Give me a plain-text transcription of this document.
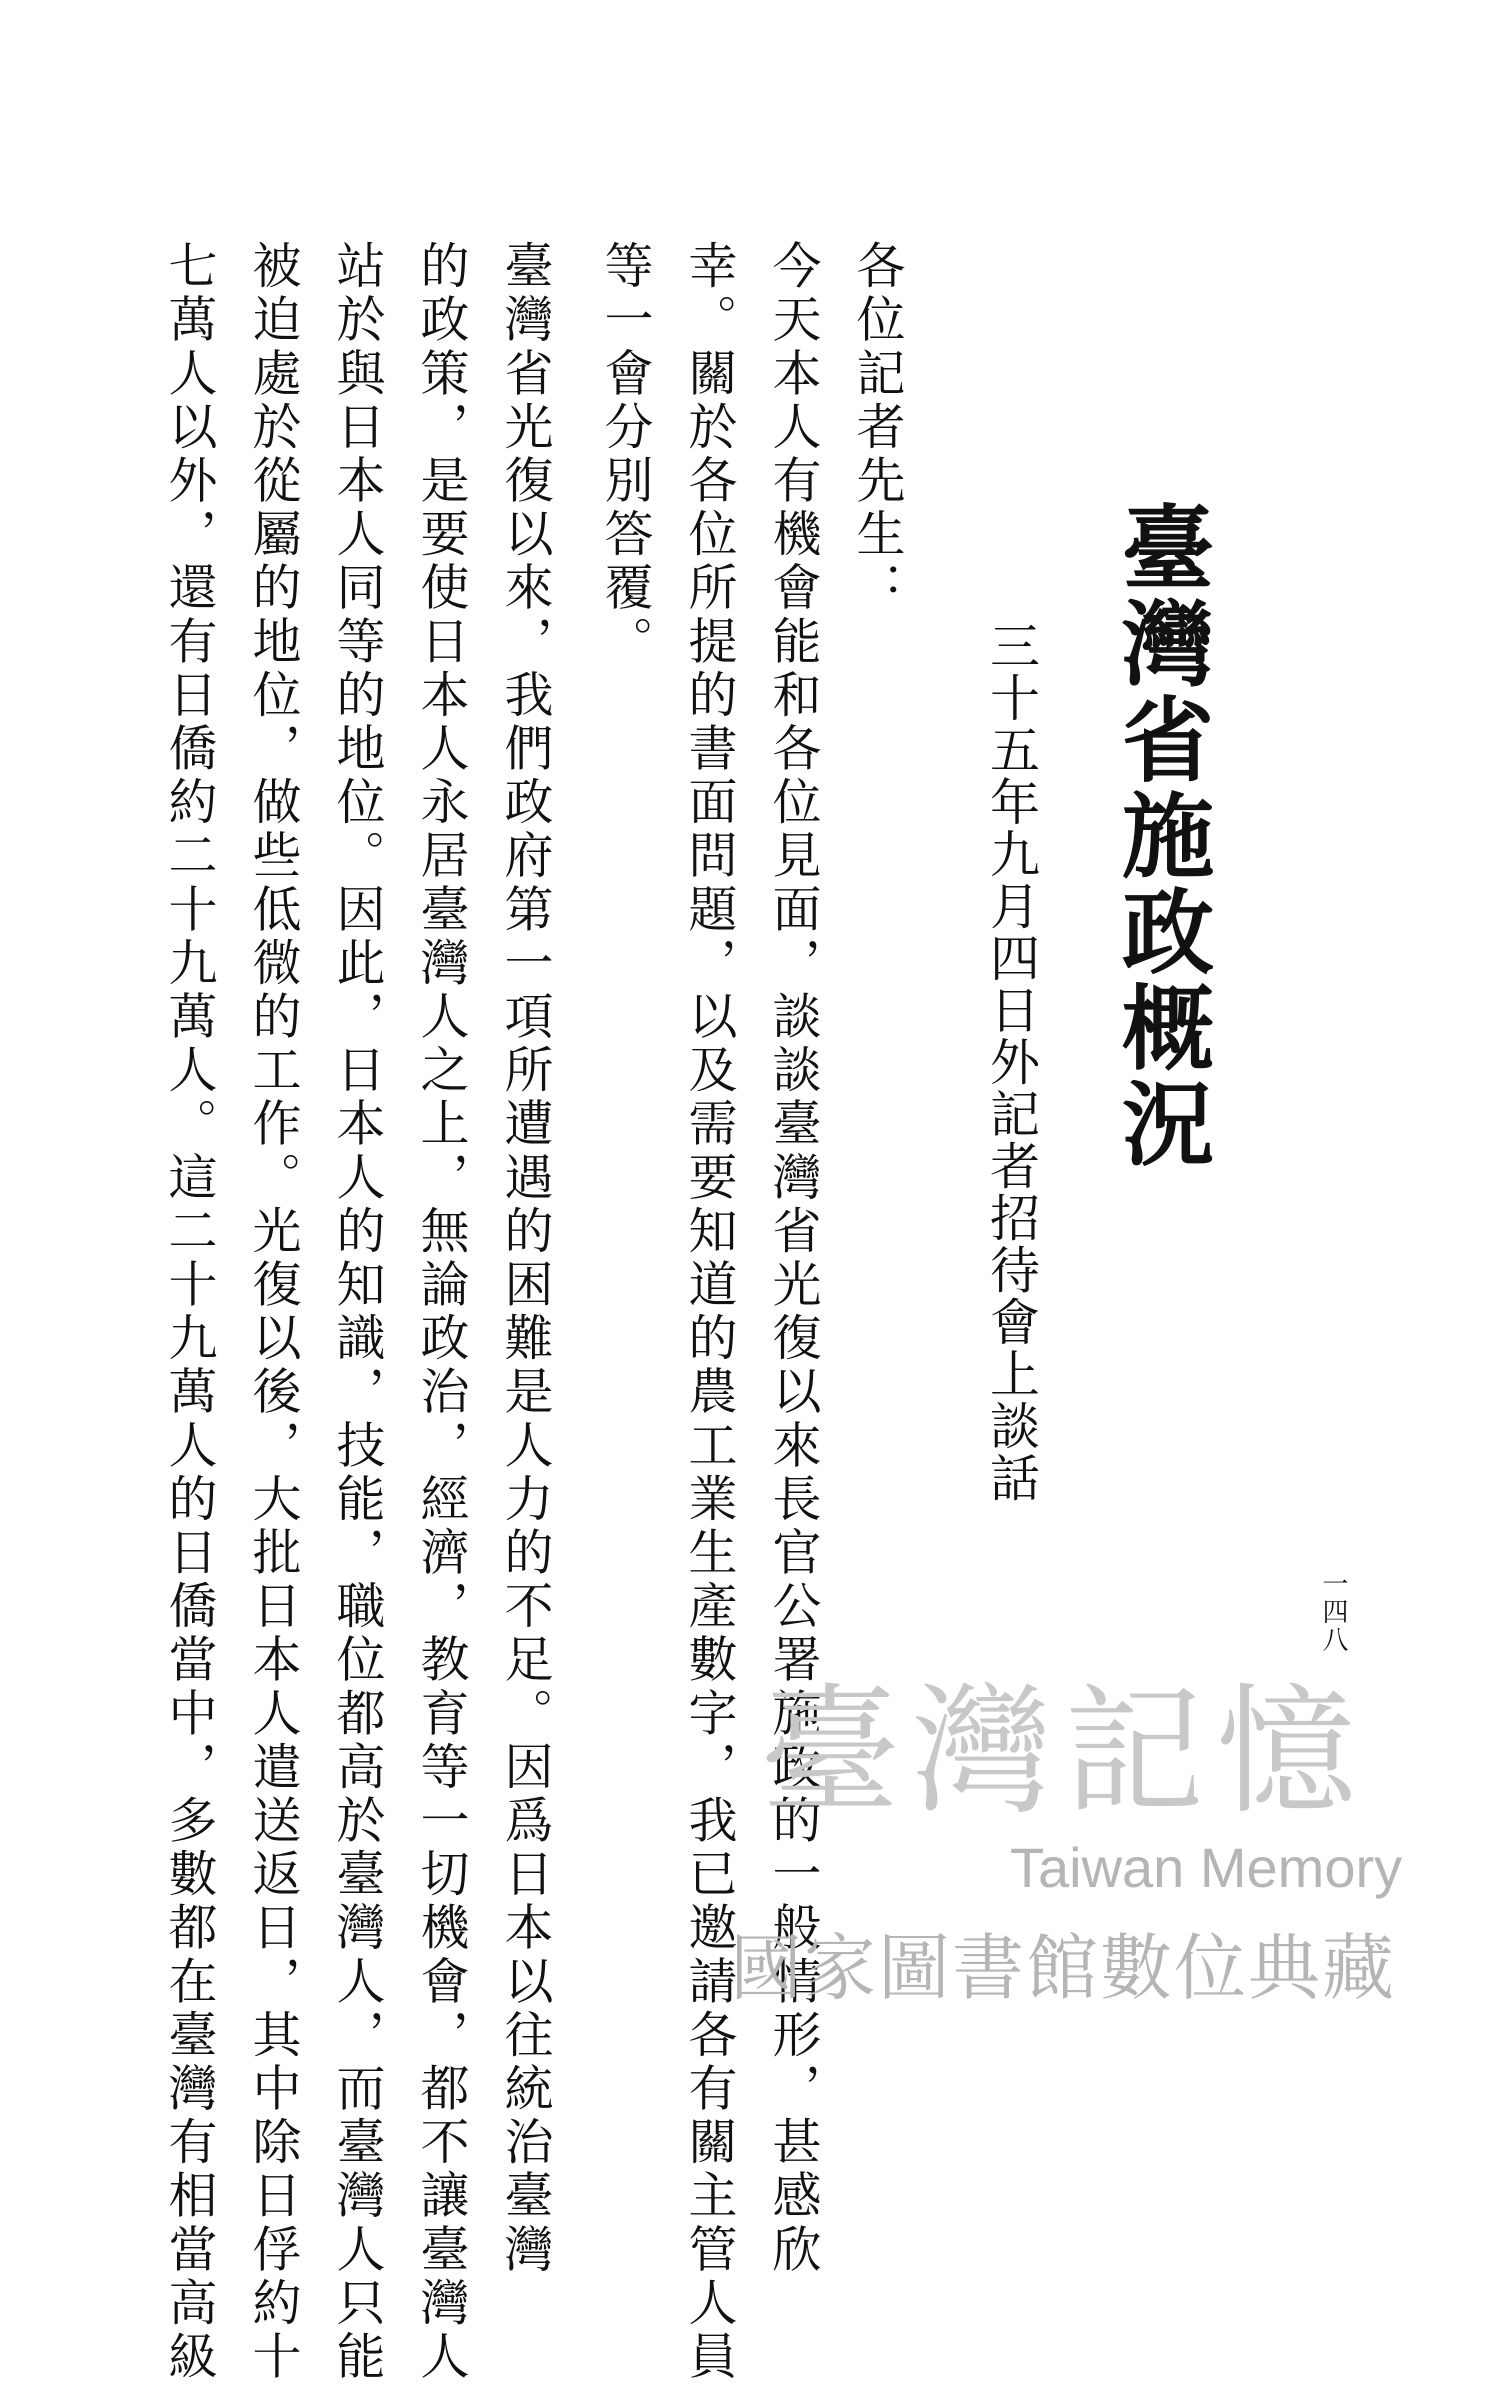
臺灣省施政概況
三十五年九月四日外記者招待會上談話
一四八
各位記者先生：
今天本人有機會能和各位見面，談談臺灣省光復以來長官公署施政的一般情形，甚感欣
幸。關於各位所提的書面問題，以及需要知道的農工業生產數字，我已邀請各有關主管人員
等一會分別答覆。
臺灣省光復以來，我們政府第一項所遭遇的困難是人力的不足。因爲日本以往統治臺灣
的政策，是要使日本人永居臺灣人之上，無論政治，經濟，教育等一切機會，都不讓臺灣人
站於與日本人同等的地位。因此，日本人的知識，技能，職位都高於臺灣人，而臺灣人只能
被迫處於從屬的地位，做些低微的工作。光復以後，大批日本人遣送返日，其中除日俘約十
七萬人以外，還有日僑約二十九萬人。這二十九萬人的日僑當中，多數都在臺灣有相當高級	臺灣記憶
Taiwan Memory
國家圖書館數位典藏
